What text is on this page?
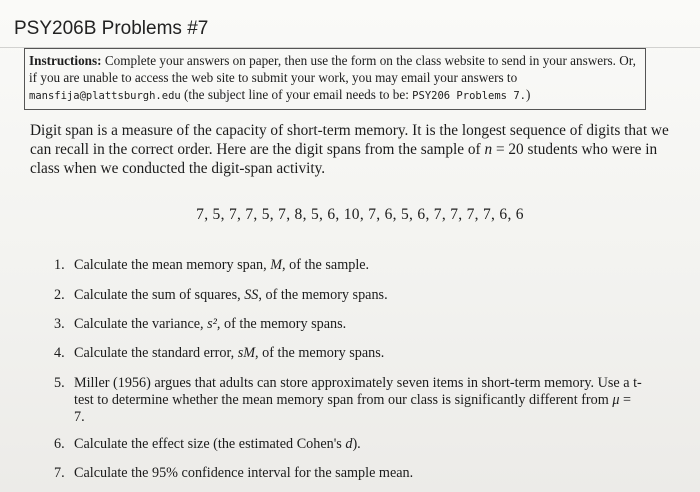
PSY206B Problems #7
Instructions: Complete your answers on paper, then use the form on the class website to send in your answers. Or, if you are unable to access the web site to submit your work, you may email your answers to mansfija@plattsburgh.edu (the subject line of your email needs to be: PSY206 Problems 7.)
Digit span is a measure of the capacity of short-term memory. It is the longest sequence of digits that we can recall in the correct order. Here are the digit spans from the sample of n = 20 students who were in class when we conducted the digit-span activity.
7, 5, 7, 7, 5, 7, 8, 5, 6, 10, 7, 6, 5, 6, 7, 7, 7, 7, 6, 6
1. Calculate the mean memory span, M, of the sample.
2. Calculate the sum of squares, SS, of the memory spans.
3. Calculate the variance, s², of the memory spans.
4. Calculate the standard error, sM, of the memory spans.
5. Miller (1956) argues that adults can store approximately seven items in short-term memory. Use a t-test to determine whether the mean memory span from our class is significantly different from μ = 7.
6. Calculate the effect size (the estimated Cohen's d).
7. Calculate the 95% confidence interval for the sample mean.
